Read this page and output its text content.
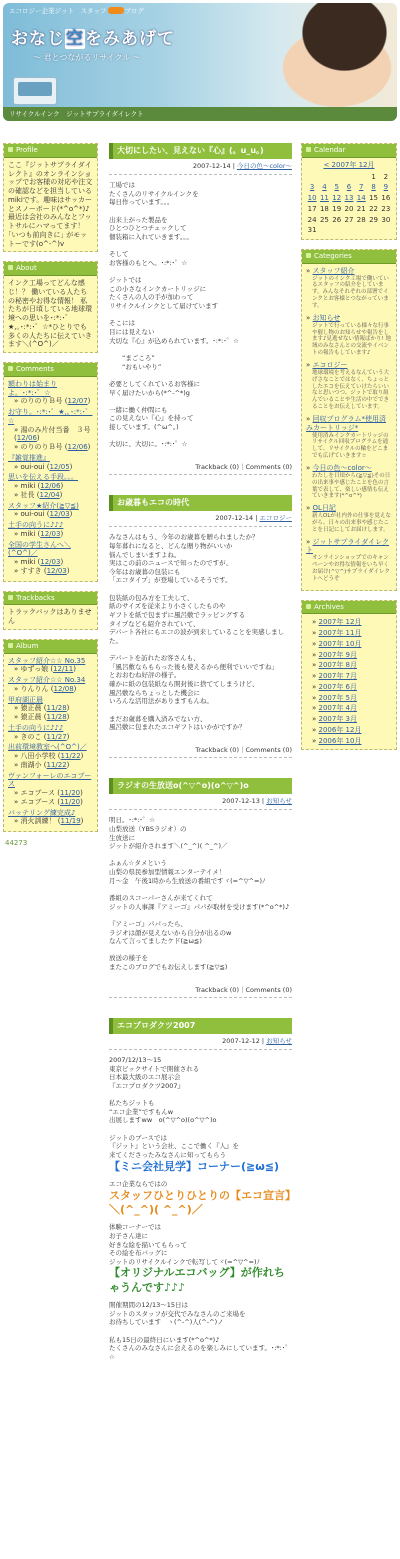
エコロジー企業ジット　スタッフ	ブログ
おなじ空をみあげて
～ 君とつながるリサイクル ～
リサイクルインク　ジットサプライダイレクト
Profile

ここ『ジットサプライダイレクト』のオンラインショップでお客様の対応や注文の確認などを担当しているmikiです。趣味はサッカーとスノーボード(*^o^*)♪ 最近は会社のみんなとフットサルにハマってます！ ｢いつも前向きに｣ がモットーです(o^-^)v

About

インク工場ってどんな感じ！？ 働いている人たちの秘密やお得な情報！ 私たちが日頃している地球環境への思いを･:*:･゜★,｡･:*:･゜☆*ひとりでも多くの人たちに伝えていきます＼(^O^)／

Comments
額わりは始まりよ。･:*:･゜☆
» のりのりＢ号 (12/07)
お守り。･:*:･゜★,｡･:*:･゜☆
» 湯のみ片付当番　３号 (12/06)
» のりのりＢ号 (12/06)
『雑覚推進』
» oui-oui (12/05)
思いを伝える手段。。。
» miki (12/06)
» 社長 (12/04)
スタッフ★紹介(≧▽≦)
» oui-oui (12/03)
土手の向うに♪♪♪
» miki (12/03)
全国の学生さんへ＼(^O^)／
» miki (12/03)
» すすき (12/03)
Trackbacks

トラックバックはありません

Album
スタッフ紹介☆☆ No.35
» ゆずっ娘 (12/11)
スタッフ紹介☆☆ No.34
» りんりん (12/08)
甲府湖正晨
» 猿正晨 (11/28)
» 猿正晨 (11/28)
土手の向うに♪♪♪
» きのこ (11/27)
出前環境教室へ(^O^)／
» 八田小学校 (11/22)
» 南湖小 (11/22)
ヴァンフォーレのエコブース
» エコブース (11/20)
» エコブース (11/20)
バッテリング練完成♪
» 消火訓練！ (11/19)
44273
大切にしたい、見えない『心』(。u_u。)
2007-12-14 | 今日の色～color～
工場では
たくさんのリサイクルインクを
毎日作っています。。。

出来上がった製品を
ひとつひとつチェックして
個装箱に入れていきます。。。

そして
お客様のもとへ。･:*:･゜☆

ジットでは
この小さなインクカートリッジに
たくさんの人の手が加わって
リサイクルインクとして届けています

そこには
目には見えない
大切な『心』が込められています。･:*:･゜☆

　　“まごころ”
　　“おもいやり”

必要としてくれているお客様に
早く届けたいから(*^-^*)g

一緒に働く仲間にも
この見えない『心』を持って
接しています。(^ω^。)

大切に、大切に。･:*:･゜☆
Trackback (0)｜Comments (0)
お歳暮もエコの時代
2007-12-14 | エコロジー
みなさんはもう、今年のお歳暮を贈られましたか？
毎年暮れになると、どんな贈り物がいいか
悩んでしまいますよね。
実はこの前のニュースで知ったのですが、
今年はお歳暮の包装にも
「エコタイプ」が登場しているそうです。

包装紙の包み方を工夫して、
紙のサイズを従来より小さくしたものや
ギフトを紙で包まずに風呂敷でラッピングする
タイプなども紹介されていて、
デパート各社にもエコの波が到来していることを実感しました。

デパートを訪れたお客さんも、
「風呂敷ならもらった後も使えるから便利でいいですね」
とおおむね好評の様子。
確かに紙の包装紙なら開封後に捨ててしまうけど、
風呂敷ならちょっとした機会に
いろんな活用法がありますもんね。

まだお歳暮を購入済みでない方、
風呂敷に包まれたエコギフトはいかがですか？
Trackback (0)｜Comments (0)
ラジオの生放送o(^▽^o)(o^▽^)o
2007-12-13 | お知らせ
明日。･:*:･゜☆
山梨放送（YBSラジオ）の
生放送に
ジットが紹介されます＼(^_^)( ^_^)／

ふぁん☆タメという
山梨の県民参加型情報エンターテイメ！
月～金　午後1時から生放送の番組ですヾ(=^▽^=)ﾉ

番組のスコーパーさんが来てくれて
ジットの人事課『アミーゴ』パパが取材を受けます(*^o^*)♪

『アミーゴ』パパったら、
ラジオは顔が見えないから自分が出るのw
なんて言ってましたケド(≧ω≦)

放送の様子を
またこのブログでもお伝えします(≧▽≦)
Trackback (0)｜Comments (0)
エコプロダクツ2007
2007-12-12 | お知らせ
2007/12/13～15
東京ビックサイトで開催される
日本最大級のエコ展示会
『エコプロダクツ2007』

私たちジットも
“エコ企業”ですもんw
出展しますww　o(^▽^o)(o^▽^)o

ジットのブースでは
『ジット』という会社、ここで働く『人』を
来てくださったみなさんに知ってもらう
【ミニ会社見学】コーナー(≧ω≦)
エコ企業ならではの
スタッフひとりひとりの【エコ宣言】＼(^_^)( ^_^)／
体験コーナーでは
お子さん達に
好きな絵を描いてもらって
その絵を布バッグに
ジットのリサイクルインクで転写してヾ(=^▽^=)ﾉ
【オリジナルエコバッグ】が作れちゃうんです♪♪♪
開催期間の12/13～15日は
ジットのスタッフが交代でみなさんのご来場を
お待ちしています　ヽ(^-^)人(^-^)ノ

私も15日の最終日にいます(*^o^*)♪
たくさんのみなさんに会えるのを楽しみにしています。･:*:･゜☆
Calendar
< 2007年 12月
					1	2
3	4	5	6	7	8	9
10	11	12	13	14	15	16
17	18	19	20	21	22	23
24	25	26	27	28	29	30
31						
Categories
» スタッフ紹介
ジットのインク工場で働いているスタッフの紹介をしています。みんなそれぞれの部署でインクとお客様とつながっています。
» お知らせ
ジットで行っている様々な行事や催し物のお知らせや報告をします♪見逃せない情報ばかり! 地域のみなさんとの交流やイベントの報告もしています♪
» エコロジー
地球環境を考えるなんていう大げさなことではなく、ちょっとしたエコを伝えていけたらいいなと思いつつ、ジットで取り組んでいることや生活の中でできることをお伝えしています。
» 回収プログラム*使用済みカートリッジ*
使用済みインクカートリッジのリサイクル回収プログラムを通して、リサイクルの輪をどこまでも広げていきます☆
» 今日の色～color～
わたしを日頃から(≧▽≦)その日の出来事や感じたことを色の言葉で表して、楽しい感情も伝えていきます(*^o^*)
» OL日記
新人OLが社内外の仕事を覚えながら、日々の出来事や感じたことを日記にしてお届けします。
» ジットサプライダイレクト
オンラインショップでのキャンペーンやお得な情報をいち早くお届け(^▽^)サプライダイレクトへどうぞ
Archives
» 2007年 12月
» 2007年 11月
» 2007年 10月
» 2007年 9月
» 2007年 8月
» 2007年 7月
» 2007年 6月
» 2007年 5月
» 2007年 4月
» 2007年 3月
» 2006年 12月
» 2006年 10月
